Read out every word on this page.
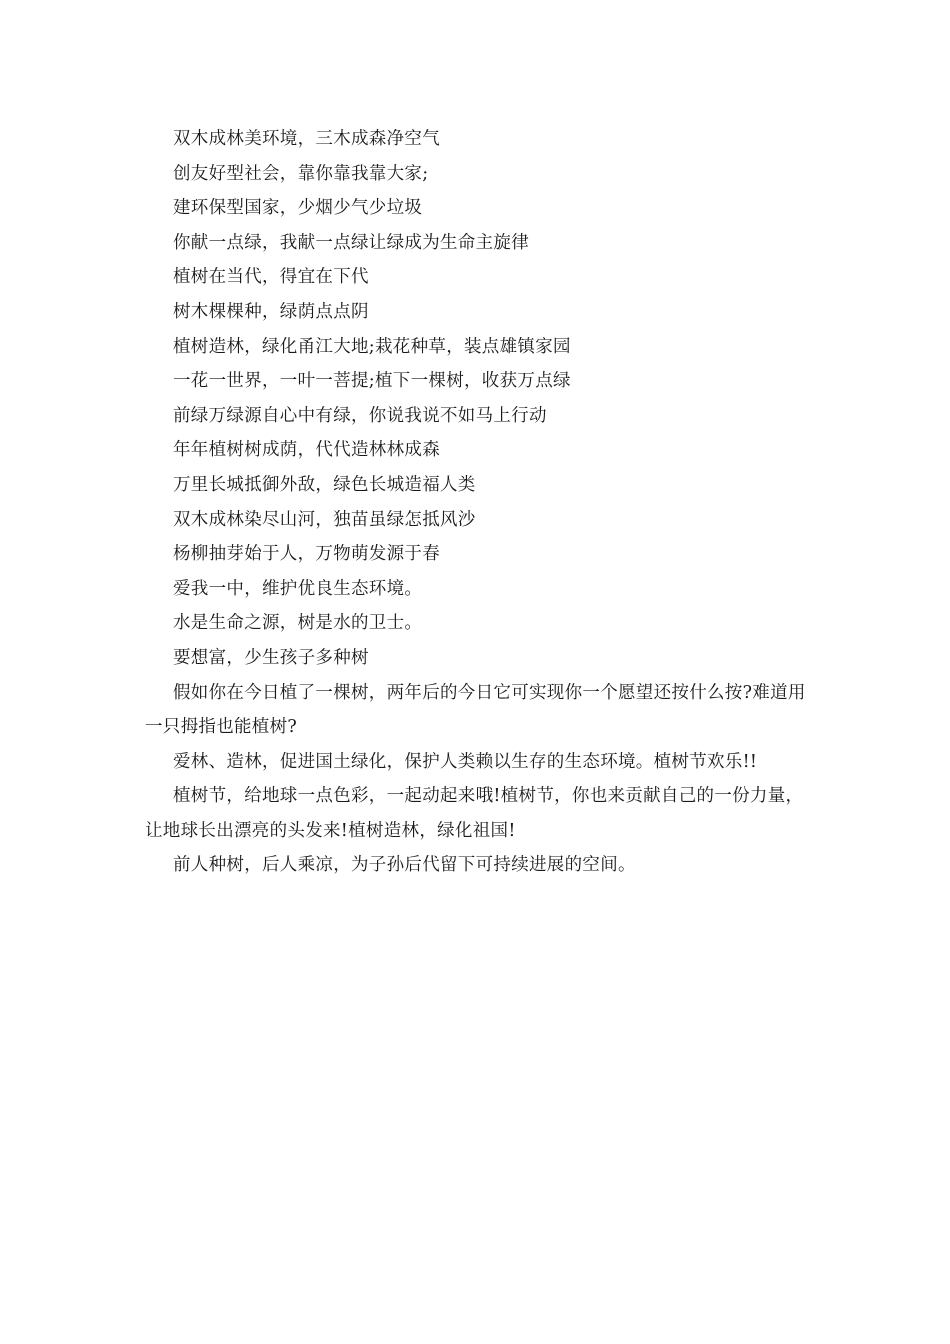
双木成林美环境，三木成森净空气

创友好型社会，靠你靠我靠大家;

建环保型国家，少烟少气少垃圾

你献一点绿，我献一点绿让绿成为生命主旋律

植树在当代，得宜在下代

树木棵棵种，绿荫点点阴

植树造林，绿化甬江大地;栽花种草，装点雄镇家园

一花一世界，一叶一菩提;植下一棵树，收获万点绿

前绿万绿源自心中有绿，你说我说不如马上行动

年年植树树成荫，代代造林林成森

万里长城抵御外敌，绿色长城造福人类

双木成林染尽山河，独苗虽绿怎抵风沙

杨柳抽芽始于人，万物萌发源于春

爱我一中，维护优良生态环境。

水是生命之源，树是水的卫士。

要想富，少生孩子多种树

假如你在今日植了一棵树，两年后的今日它可实现你一个愿望还按什么按?难道用一只拇指也能植树?

爱林、造林，促进国土绿化，保护人类赖以生存的生态环境。植树节欢乐!!

植树节，给地球一点色彩，一起动起来哦!植树节，你也来贡献自己的一份力量，让地球长出漂亮的头发来!植树造林，绿化祖国!

前人种树，后人乘凉，为子孙后代留下可持续进展的空间。
